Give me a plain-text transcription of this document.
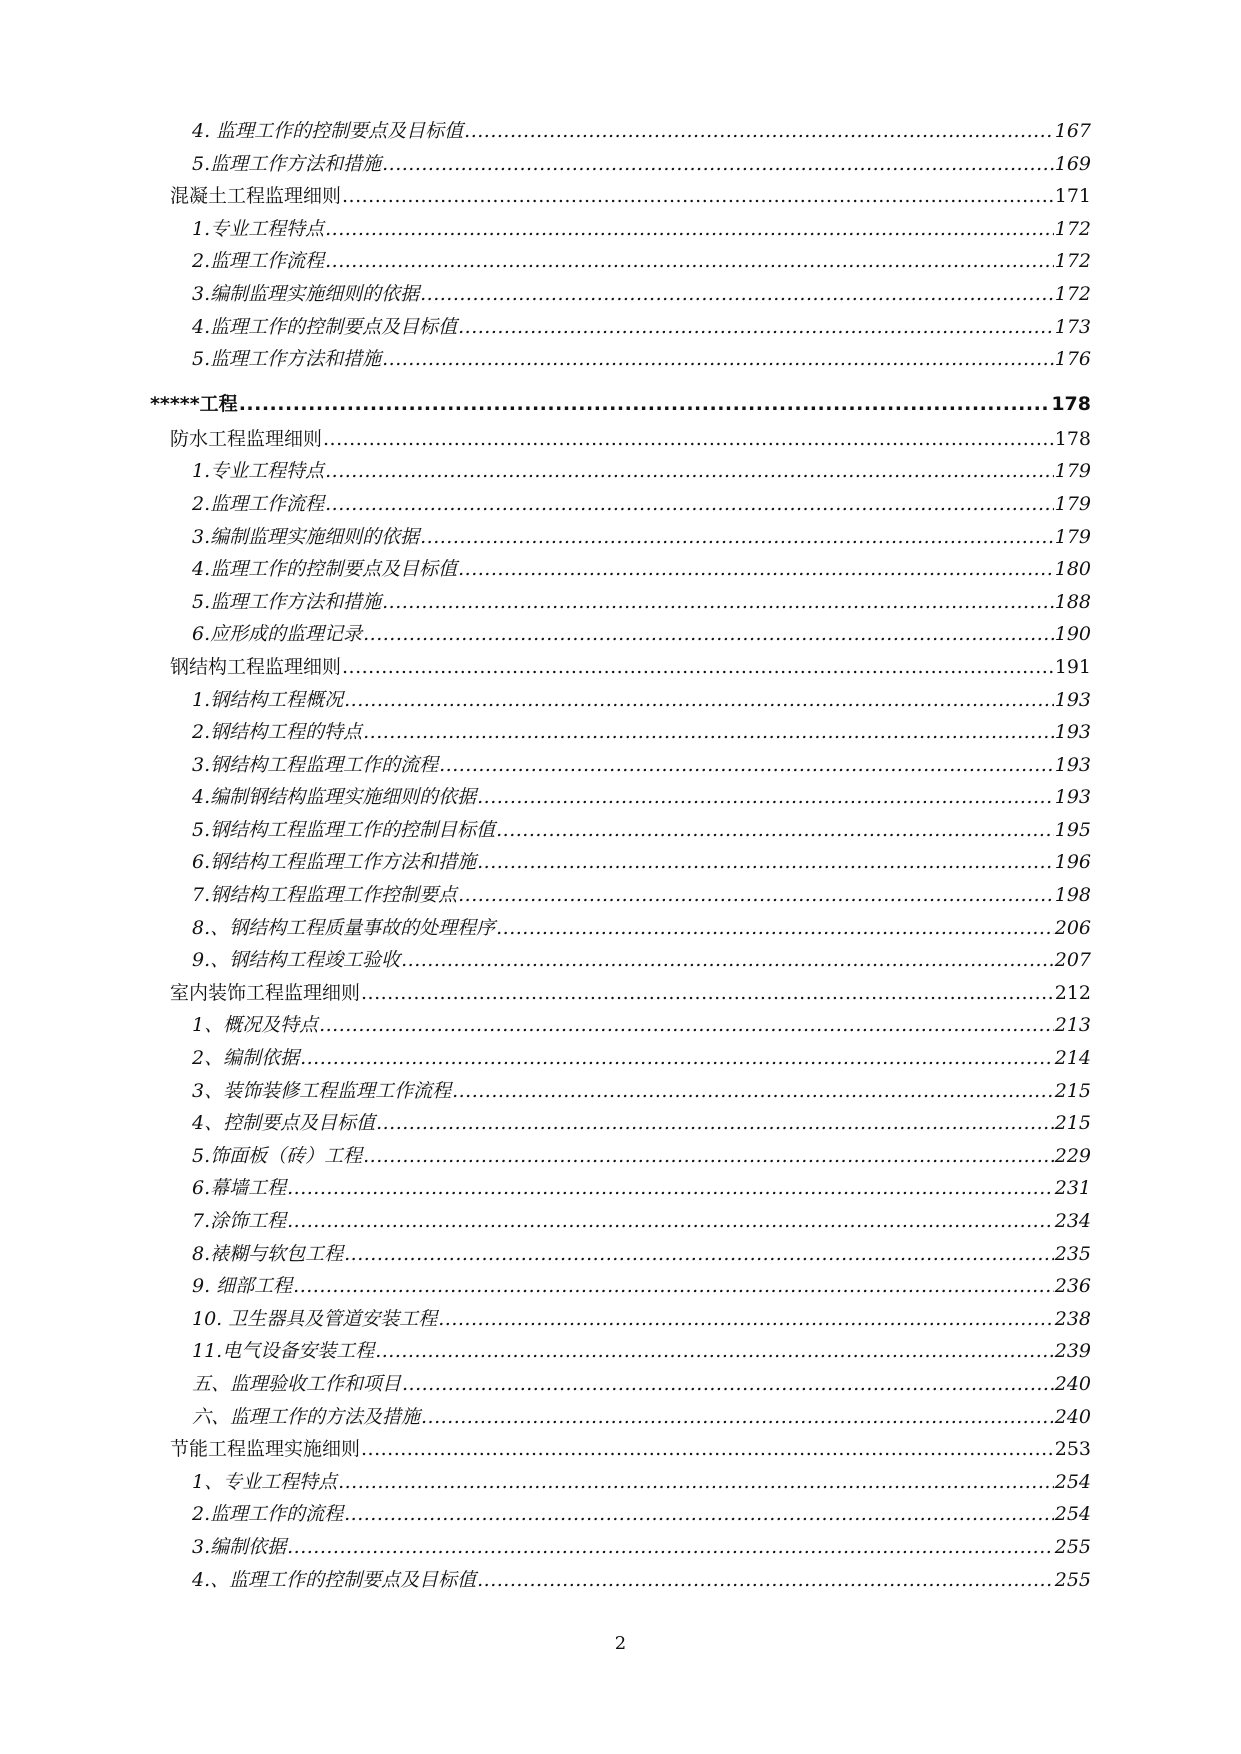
4. 监理工作的控制要点及目标值 .....	167
5.监理工作方法和措施 .....	169
混凝土工程监理细则 .....	171
1.专业工程特点 .....	172
2.监理工作流程 .....	172
3.编制监理实施细则的依据 .....	172
4.监理工作的控制要点及目标值 .....	173
5.监理工作方法和措施 .....	176
*****工程 .....	178
防水工程监理细则 .....	178
1.专业工程特点 .....	179
2.监理工作流程 .....	179
3.编制监理实施细则的依据 .....	179
4.监理工作的控制要点及目标值 .....	180
5.监理工作方法和措施 .....	188
6.应形成的监理记录 .....	190
钢结构工程监理细则 .....	191
1.钢结构工程概况 .....	193
2.钢结构工程的特点 .....	193
3.钢结构工程监理工作的流程 .....	193
4.编制钢结构监理实施细则的依据 .....	193
5.钢结构工程监理工作的控制目标值 .....	195
6.钢结构工程监理工作方法和措施 .....	196
7.钢结构工程监理工作控制要点 .....	198
8.、钢结构工程质量事故的处理程序 .....	206
9.、钢结构工程竣工验收 .....	207
室内装饰工程监理细则 .....	212
1、概况及特点 .....	213
2、编制依据 .....	214
3、装饰装修工程监理工作流程 .....	215
4、控制要点及目标值 .....	215
5.饰面板（砖）工程 .....	229
6.幕墙工程 .....	231
7.涂饰工程 .....	234
8.裱糊与软包工程 .....	235
9. 细部工程 .....	236
10. 卫生器具及管道安装工程 .....	238
11.电气设备安装工程 .....	239
五、监理验收工作和项目 .....	240
六、监理工作的方法及措施 .....	240
节能工程监理实施细则 .....	253
1、专业工程特点 .....	254
2.监理工作的流程 .....	254
3.编制依据 .....	255
4.、监理工作的控制要点及目标值 .....	255
2
